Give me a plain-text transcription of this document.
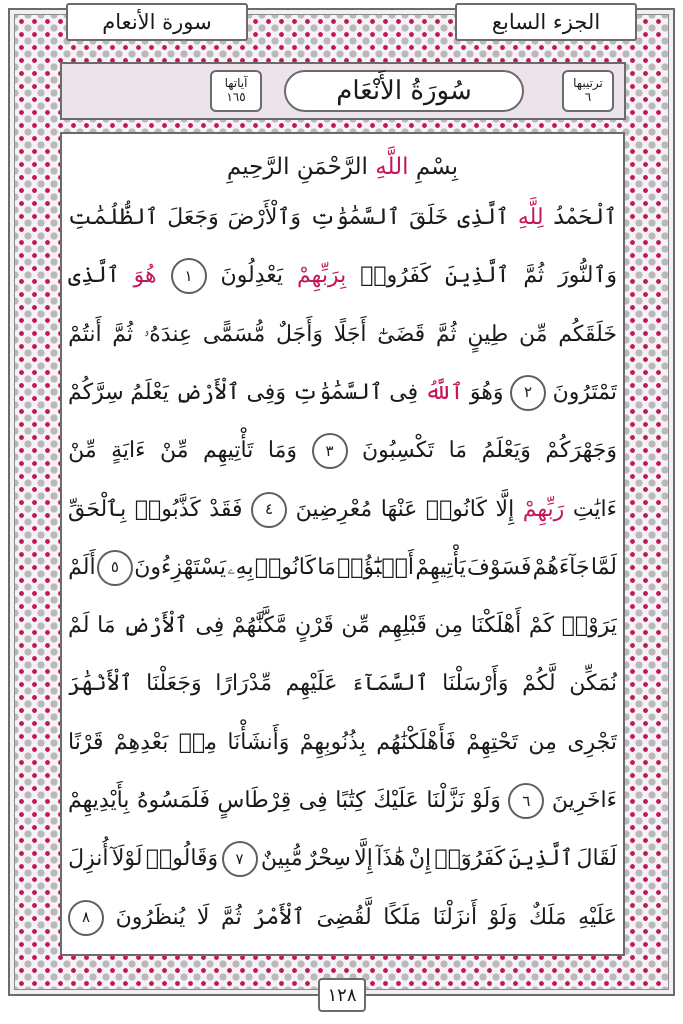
سورة الأنعام	الجزء السابع
آياتها
١٦٥	سُورَةُ الأَنْعَام	ترتيبها
٦
بِسْمِ اللَّهِ الرَّحْمَنِ الرَّحِيمِ
ٱلْحَمْدُ
لِلَّهِ
ٱلَّذِى
خَلَقَ
ٱلسَّمَٰوَٰتِ
وَٱلْأَرْضَ
وَجَعَلَ
ٱلظُّلُمَٰتِ
وَٱلنُّورَ
ثُمَّ
ٱلَّذِينَ
كَفَرُوا۟
بِرَبِّهِمْ
يَعْدِلُونَ
١
هُوَ
ٱلَّذِى
خَلَقَكُم
مِّن
طِينٍ
ثُمَّ
قَضَىٰٓ
أَجَلًا
وَأَجَلٌ
مُّسَمًّى
عِندَهُۥ
ثُمَّ
أَنتُمْ
تَمْتَرُونَ
٢
وَهُوَ
ٱللَّهُ
فِى
ٱلسَّمَٰوَٰتِ
وَفِى
ٱلْأَرْضِ
يَعْلَمُ
سِرَّكُمْ
وَجَهْرَكُمْ
وَيَعْلَمُ
مَا
تَكْسِبُونَ
٣
وَمَا
تَأْتِيهِم
مِّنْ
ءَايَةٍ
مِّنْ
ءَايَٰتِ
رَبِّهِمْ
إِلَّا
كَانُوا۟
عَنْهَا
مُعْرِضِينَ
٤
فَقَدْ
كَذَّبُوا۟
بِٱلْحَقِّ
لَمَّا
جَآءَهُمْ
فَسَوْفَ
يَأْتِيهِمْ
أَنۢبَٰٓؤُا۟
مَا
كَانُوا۟
بِهِۦ
يَسْتَهْزِءُونَ
٥
أَلَمْ
يَرَوْا۟
كَمْ
أَهْلَكْنَا
مِن
قَبْلِهِم
مِّن
قَرْنٍ
مَّكَّنَّٰهُمْ
فِى
ٱلْأَرْضِ
مَا
لَمْ
نُمَكِّن
لَّكُمْ
وَأَرْسَلْنَا
ٱلسَّمَآءَ
عَلَيْهِم
مِّدْرَارًا
وَجَعَلْنَا
ٱلْأَنْهَٰرَ
تَجْرِى
مِن
تَحْتِهِمْ
فَأَهْلَكْنَٰهُم
بِذُنُوبِهِمْ
وَأَنشَأْنَا
مِنۢ
بَعْدِهِمْ
قَرْنًا
ءَاخَرِينَ
٦
وَلَوْ
نَزَّلْنَا
عَلَيْكَ
كِتَٰبًا
فِى
قِرْطَاسٍ
فَلَمَسُوهُ
بِأَيْدِيهِمْ
لَقَالَ
ٱلَّذِينَ
كَفَرُوٓا۟
إِنْ
هَٰذَآ
إِلَّا
سِحْرٌ
مُّبِينٌ
٧
وَقَالُوا۟
لَوْلَآ
أُنزِلَ
عَلَيْهِ
مَلَكٌ
وَلَوْ
أَنزَلْنَا
مَلَكًا
لَّقُضِىَ
ٱلْأَمْرُ
ثُمَّ
لَا
يُنظَرُونَ
٨
١٢٨
